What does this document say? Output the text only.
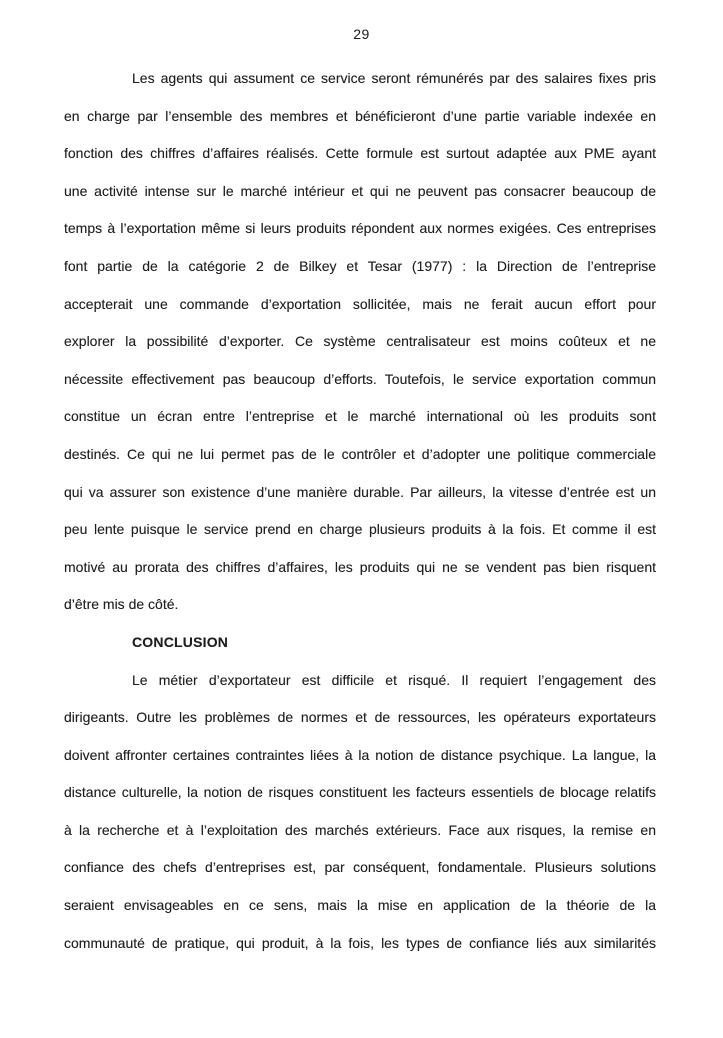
29
Les agents qui assument ce service seront rémunérés par des salaires fixes pris
en charge par l’ensemble des membres et bénéficieront d’une partie variable indexée en
fonction des chiffres d’affaires réalisés. Cette formule est surtout adaptée aux PME ayant
une activité intense sur le marché intérieur et qui ne peuvent pas consacrer beaucoup de
temps à l’exportation même si leurs produits répondent aux normes exigées. Ces entreprises
font partie de la catégorie 2 de Bilkey et Tesar (1977) : la Direction de l’entreprise
accepterait une commande d’exportation sollicitée, mais ne ferait aucun effort pour
explorer la possibilité d’exporter. Ce système centralisateur est moins coûteux et ne
nécessite effectivement pas beaucoup d’efforts. Toutefois, le service exportation commun
constitue un écran entre l’entreprise et le marché international où les produits sont
destinés. Ce qui ne lui permet pas de le contrôler et d’adopter une politique commerciale
qui va assurer son existence d’une manière durable. Par ailleurs, la vitesse d’entrée est un
peu lente puisque le service prend en charge plusieurs produits à la fois. Et comme il est
motivé au prorata des chiffres d’affaires, les produits qui ne se vendent pas bien risquent
d’être mis de côté.
CONCLUSION
Le métier d’exportateur est difficile et risqué. Il requiert l’engagement des
dirigeants. Outre les problèmes de normes et de ressources, les opérateurs exportateurs
doivent affronter certaines contraintes liées à la notion de distance psychique. La langue, la
distance culturelle, la notion de risques constituent les facteurs essentiels de blocage relatifs
à la recherche et à l’exploitation des marchés extérieurs. Face aux risques, la remise en
confiance des chefs d’entreprises est, par conséquent, fondamentale. Plusieurs solutions
seraient envisageables en ce sens, mais la mise en application de la théorie de la
communauté de pratique, qui produit, à la fois, les types de confiance liés aux similarités
